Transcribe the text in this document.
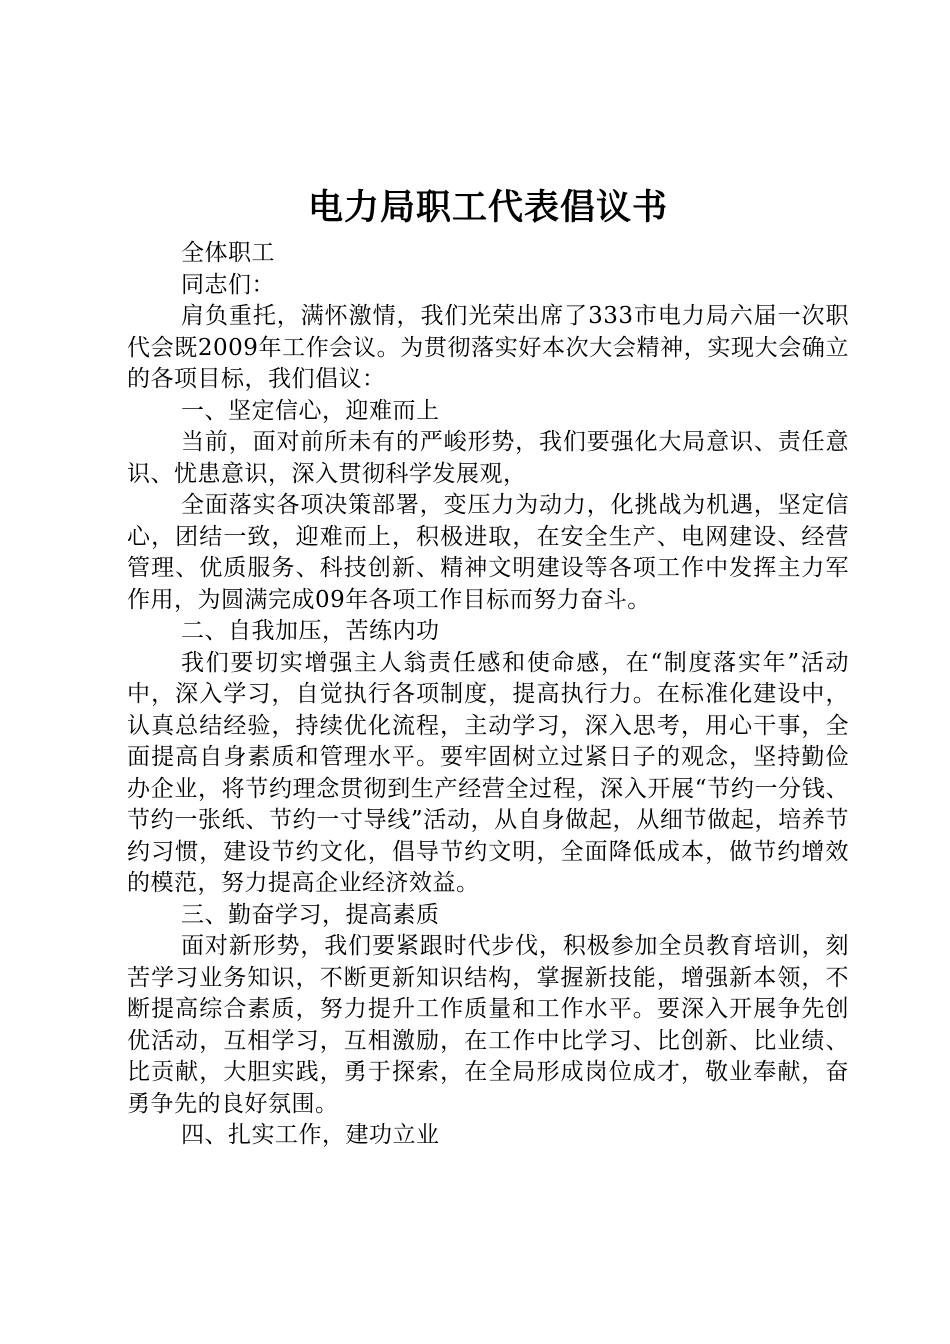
电力局职工代表倡议书

全体职工

同志们：

肩负重托，满怀激情，我们光荣出席了333市电力局六届一次职代会既2009年工作会议。为贯彻落实好本次大会精神，实现大会确立的各项目标，我们倡议：

一、坚定信心，迎难而上

当前，面对前所未有的严峻形势，我们要强化大局意识、责任意识、忧患意识，深入贯彻科学发展观，

全面落实各项决策部署，变压力为动力，化挑战为机遇，坚定信心，团结一致，迎难而上，积极进取，在安全生产、电网建设、经营管理、优质服务、科技创新、精神文明建设等各项工作中发挥主力军作用，为圆满完成09年各项工作目标而努力奋斗。

二、自我加压，苦练内功

我们要切实增强主人翁责任感和使命感，在“制度落实年”活动中，深入学习，自觉执行各项制度，提高执行力。在标准化建设中，认真总结经验，持续优化流程，主动学习，深入思考，用心干事，全面提高自身素质和管理水平。要牢固树立过紧日子的观念，坚持勤俭办企业，将节约理念贯彻到生产经营全过程，深入开展“节约一分钱、节约一张纸、节约一寸导线”活动，从自身做起，从细节做起，培养节约习惯，建设节约文化，倡导节约文明，全面降低成本，做节约增效的模范，努力提高企业经济效益。

三、勤奋学习，提高素质

面对新形势，我们要紧跟时代步伐，积极参加全员教育培训，刻苦学习业务知识，不断更新知识结构，掌握新技能，增强新本领，不断提高综合素质，努力提升工作质量和工作水平。要深入开展争先创优活动，互相学习，互相激励，在工作中比学习、比创新、比业绩、比贡献，大胆实践，勇于探索，在全局形成岗位成才，敬业奉献，奋勇争先的良好氛围。

四、扎实工作，建功立业
